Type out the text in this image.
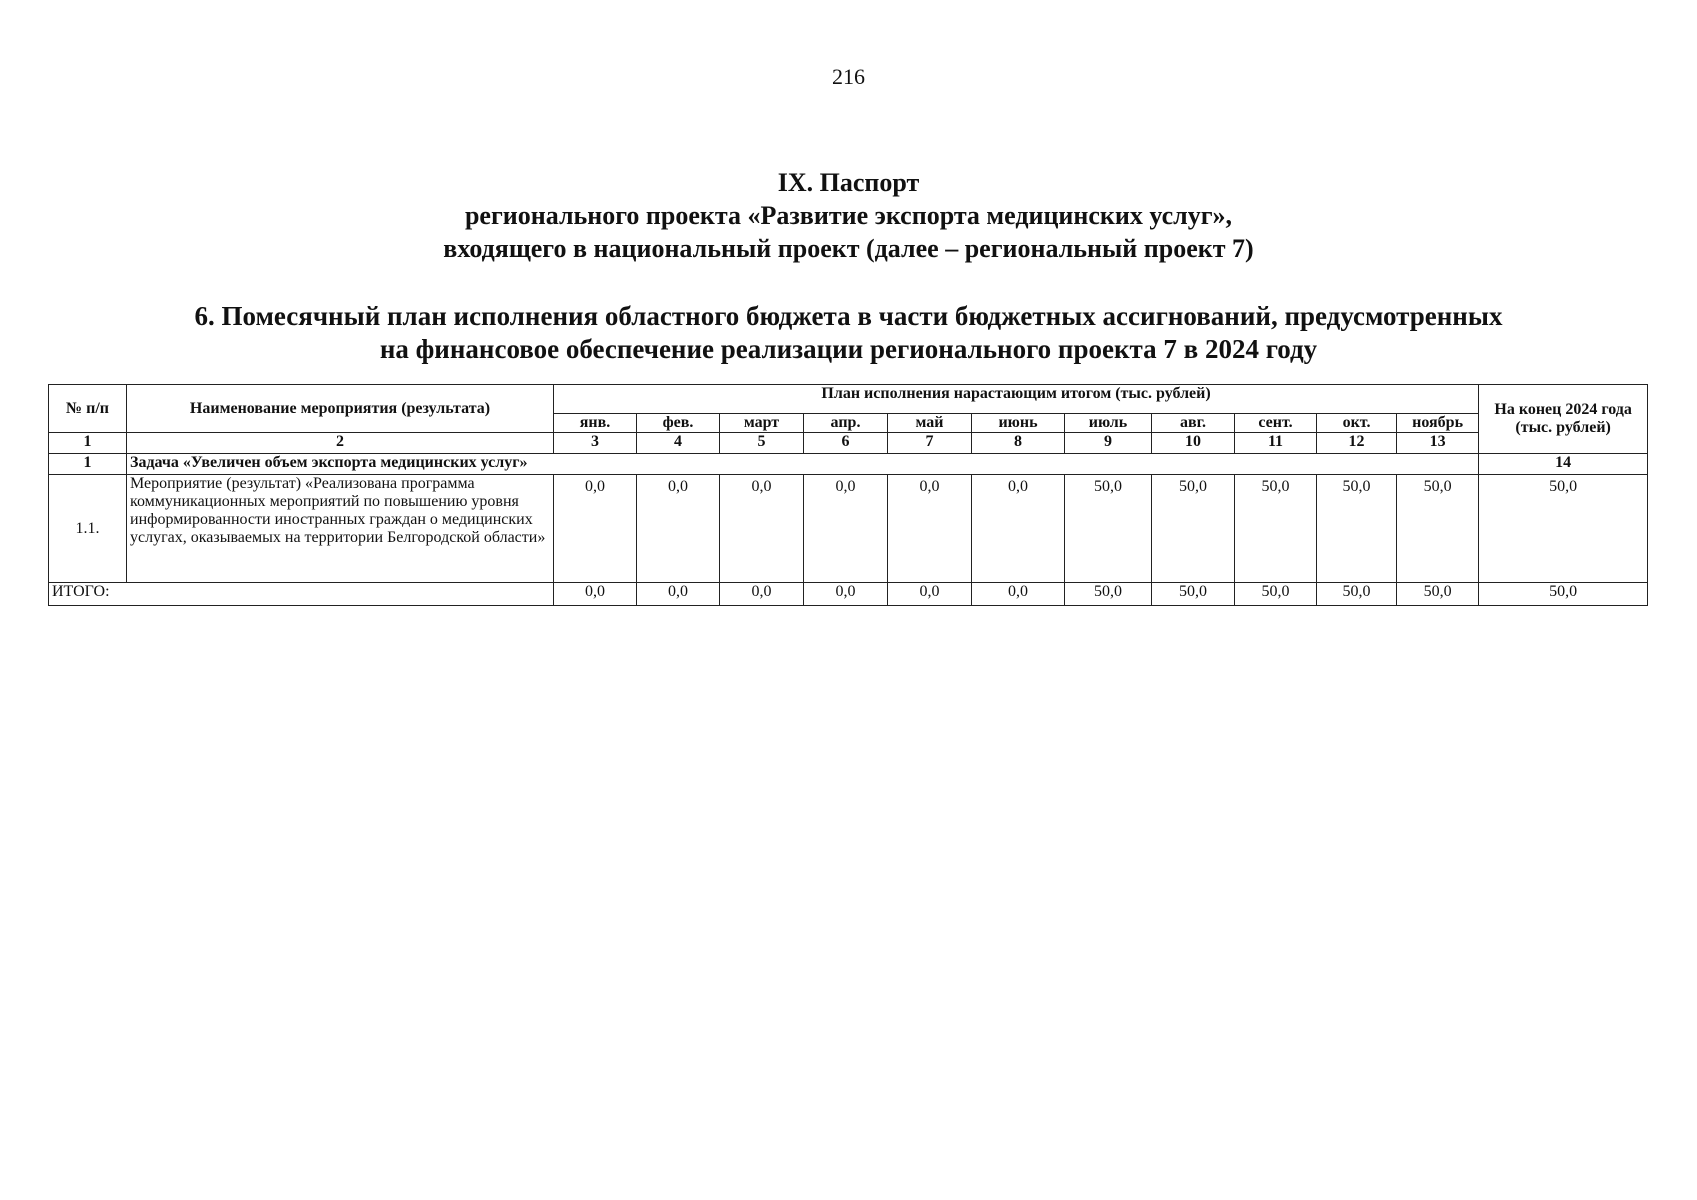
216
IX. Паспорт
регионального проекта «Развитие экспорта медицинских услуг»,
входящего в национальный проект (далее – региональный проект 7)
6. Помесячный план исполнения областного бюджета в части бюджетных ассигнований, предусмотренных
на финансовое обеспечение реализации регионального проекта 7 в 2024 году
№ п/п	Наименование мероприятия (результата)	План исполнения нарастающим итогом (тыс. рублей)											На конец 2024 года (тыс. рублей)
		янв.	фев.	март	апр.	май	июнь	июль	авг.	сент.	окт.	ноябрь	
1	2	3	4	5	6	7	8	9	10	11	12	13	
1	Задача «Увеличен объем экспорта медицинских услуг»												14
1.1.	Мероприятие (результат) «Реализована программа коммуникационных мероприятий по повышению уровня информированности иностранных граждан о медицинских услугах, оказываемых на территории Белгородской области»	0,0	0,0	0,0	0,0	0,0	0,0	50,0	50,0	50,0	50,0	50,0	50,0
ИТОГО:		0,0	0,0	0,0	0,0	0,0	0,0	50,0	50,0	50,0	50,0	50,0	50,0
